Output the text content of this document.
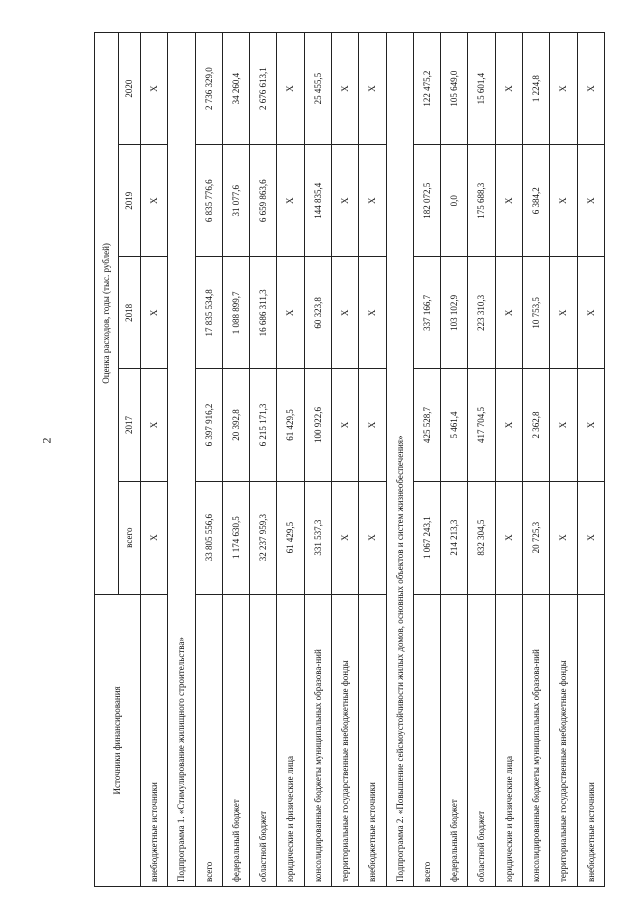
2
Источники финансирования	Оценка расходов, годы (тыс. рублей)				
	всего	2017	2018	2019	2020
внебюджетные источники	X	X	X	X	X
Подпрограмма 1. «Стимулирование жилищного строительства»					
всего	33 805 556,6	6 397 916,2	17 835 534,8	6 835 776,6	2 736 329,0
федеральный бюджет	1 174 630,5	20 392,8	1 088 899,7	31 077,6	34 260,4
областной бюджет	32 237 959,3	6 215 171,3	16 686 311,3	6 659 863,6	2 676 613,1
юридические и физические лица	61 429,5	61 429,5	X	X	X
консолидированные бюджеты муниципальных образова-ний	331 537,3	100 922,6	60 323,8	144 835,4	25 455,5
территориальные государственные внебюджетные фонды	X	X	X	X	X
внебюджетные источники	X	X	X	X	X
Подпрограмма 2. «Повышение сейсмоустойчивости жилых домов, основных объектов и систем жизнеобеспечения»					
всего	1 067 243,1	425 528,7	337 166,7	182 072,5	122 475,2
федеральный бюджет	214 213,3	5 461,4	103 102,9	0,0	105 649,0
областной бюджет	832 304,5	417 704,5	223 310,3	175 688,3	15 601,4
юридические и физические лица	X	X	X	X	X
консолидированные бюджеты муниципальных образова-ний	20 725,3	2 362,8	10 753,5	6 384,2	1 224,8
территориальные государственные внебюджетные фонды	X	X	X	X	X
внебюджетные источники	X	X	X	X	X
